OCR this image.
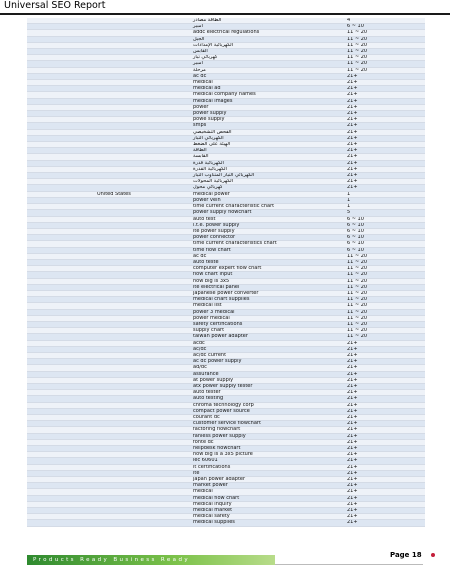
Universal SEO Report
	الطاقة مصادر	4
	أمبير	6 ~ 10
	addc electrical regulations	11 ~ 20
	الجيل	11 ~ 20
	الكهربائية الإمدادات	11 ~ 20
	القابس	11 ~ 20
	كهربائي تيار	11 ~ 20
	أمبير	11 ~ 20
	مرحلة	11 ~ 20
	ac dc	21+
	medical	21+
	medical ad	21+
	medical company names	21+
	medical images	21+
	power	21+
	power supply	21+
	powe supply	21+
	smps	21+
	الفحص التشخيصي	21+
	الكهربائي التيار	21+
	الهيئة على الضغط	21+
	الطاقة	21+
	القابسة	21+
	الكهربائية قدرة	21+
	الكهربائية القدرة	21+
	الكهربائي التيار المتناوب التيار	21+
	الكهربائية المحولات	21+
	كهربائي محول	21+
United States	medical power	1
	power vein	1
	time current characteristic chart	1
	power supply flowchart	5
	auto test	6 ~ 10
	i.t.e. power supply	6 ~ 10
	ite power supply	6 ~ 10
	power connector	6 ~ 10
	time current characteristics chart	6 ~ 10
	time flow chart	6 ~ 10
	ac dc	11 ~ 20
	auto teste	11 ~ 20
	computer expert flow chart	11 ~ 20
	flow chart input	11 ~ 20
	how big is 3x5	11 ~ 20
	ite electrical panel	11 ~ 20
	japanese power converter	11 ~ 20
	medical chart supplies	11 ~ 20
	medical list	11 ~ 20
	power 3 medical	11 ~ 20
	power medical	11 ~ 20
	safety certifications	11 ~ 20
	supply chart	11 ~ 20
	taiwan power adapter	11 ~ 20
	acdc	21+
	ac/dc	21+
	ac/dc current	21+
	ac dc power supply	21+
	ad/dc	21+
	assurance	21+
	at power supply	21+
	atx power supply tester	21+
	auto tester	21+
	auto testing	21+
	chroma technology corp	21+
	compact power source	21+
	courant dc	21+
	customer service flowchart	21+
	factoring flowchart	21+
	fanless power supply	21+
	fonte dc	21+
	helpdesk flowchart	21+
	how big is a 3x5 picture	21+
	iec 60601	21+
	it certifications	21+
	ite	21+
	japan power adapter	21+
	market power	21+
	medical	21+
	medical flow chart	21+
	medical inquiry	21+
	medical market	21+
	medical safety	21+
	medical supplies	21+
Products Ready Business Ready
Page 18
